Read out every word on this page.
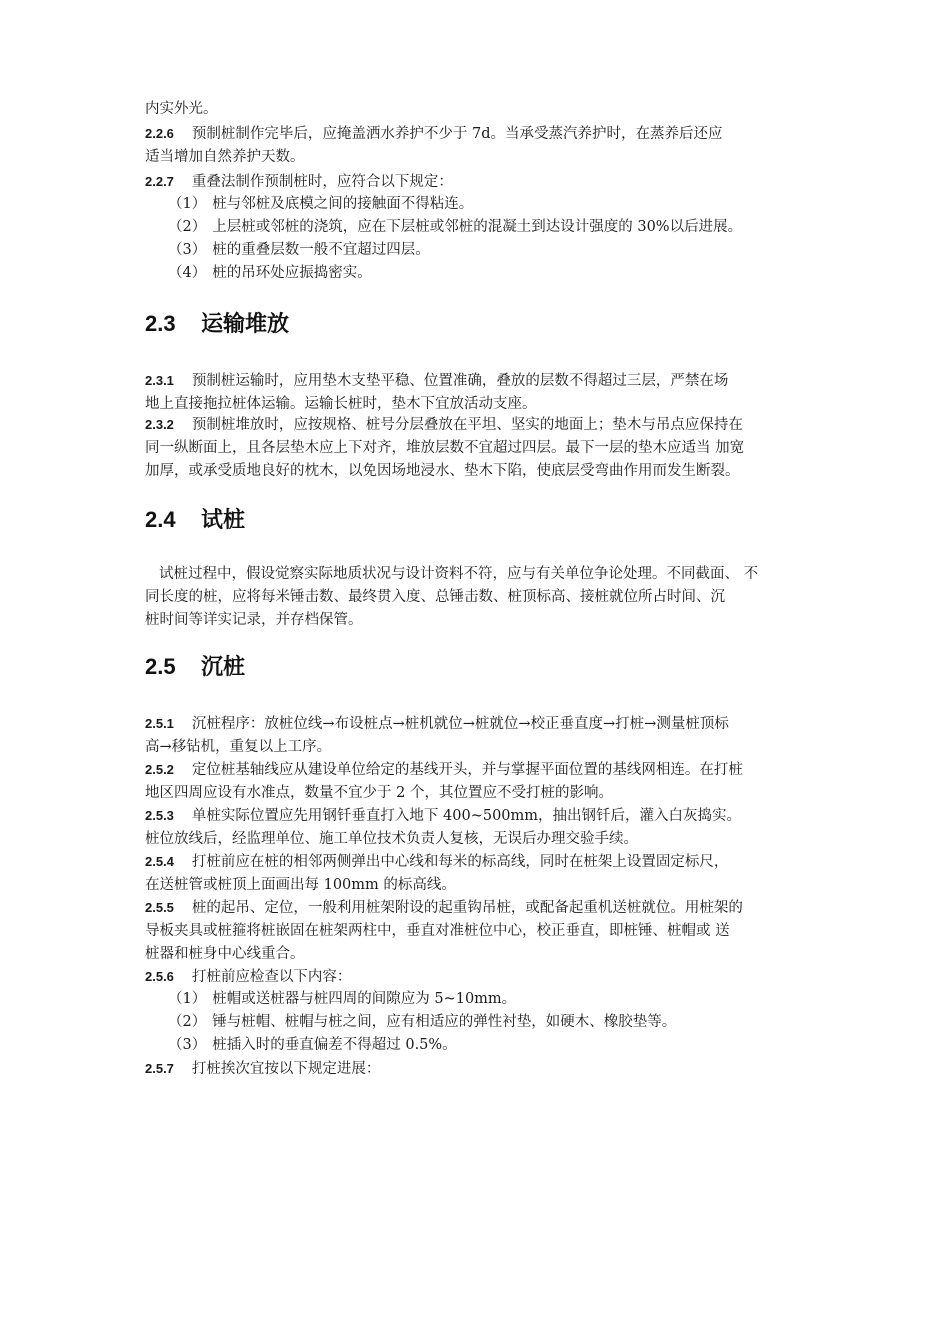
内实外光。
2.2.6 预制桩制作完毕后，应掩盖洒水养护不少于 7d。当承受蒸汽养护时，在蒸养后还应
适当增加自然养护天数。
2.2.7 重叠法制作预制桩时，应符合以下规定：
（1） 桩与邻桩及底模之间的接触面不得粘连。
（2） 上层桩或邻桩的浇筑，应在下层桩或邻桩的混凝土到达设计强度的 30%以后进展。
（3） 桩的重叠层数一般不宜超过四层。
（4） 桩的吊环处应振捣密实。
2.3 运输堆放
2.3.1 预制桩运输时，应用垫木支垫平稳、位置准确，叠放的层数不得超过三层，严禁在场
地上直接拖拉桩体运输。运输长桩时，垫木下宜放活动支座。
2.3.2 预制桩堆放时，应按规格、桩号分层叠放在平坦、坚实的地面上；垫木与吊点应保持在
同一纵断面上，且各层垫木应上下对齐，堆放层数不宜超过四层。最下一层的垫木应适当 加宽
加厚，或承受质地良好的枕木，以免因场地浸水、垫木下陷，使底层受弯曲作用而发生断裂。
2.4 试桩
试桩过程中，假设觉察实际地质状况与设计资料不符，应与有关单位争论处理。不同截面、 不
同长度的桩，应将每米锤击数、最终贯入度、总锤击数、桩顶标高、接桩就位所占时间、沉
桩时间等详实记录，并存档保管。
2.5 沉桩
2.5.1 沉桩程序：放桩位线→布设桩点→桩机就位→桩就位→校正垂直度→打桩→测量桩顶标
高→移钻机，重复以上工序。
2.5.2 定位桩基轴线应从建设单位给定的基线开头，并与掌握平面位置的基线网相连。在打桩
地区四周应设有水准点，数量不宜少于 2 个，其位置应不受打桩的影响。
2.5.3 单桩实际位置应先用钢钎垂直打入地下 400~500mm，抽出钢钎后，灌入白灰捣实。
桩位放线后，经监理单位、施工单位技术负责人复核，无误后办理交验手续。
2.5.4 打桩前应在桩的相邻两侧弹出中心线和每米的标高线，同时在桩架上设置固定标尺，
在送桩管或桩顶上面画出每 100mm 的标高线。
2.5.5 桩的起吊、定位，一般利用桩架附设的起重钩吊桩，或配备起重机送桩就位。用桩架的
导板夹具或桩箍将桩嵌固在桩架两柱中，垂直对准桩位中心，校正垂直，即桩锤、桩帽或 送
桩器和桩身中心线重合。
2.5.6 打桩前应检查以下内容：
（1） 桩帽或送桩器与桩四周的间隙应为 5~10mm。
（2） 锤与桩帽、桩帽与桩之间，应有相适应的弹性衬垫，如硬木、橡胶垫等。
（3） 桩插入时的垂直偏差不得超过 0.5%。
2.5.7 打桩挨次宜按以下规定进展：
